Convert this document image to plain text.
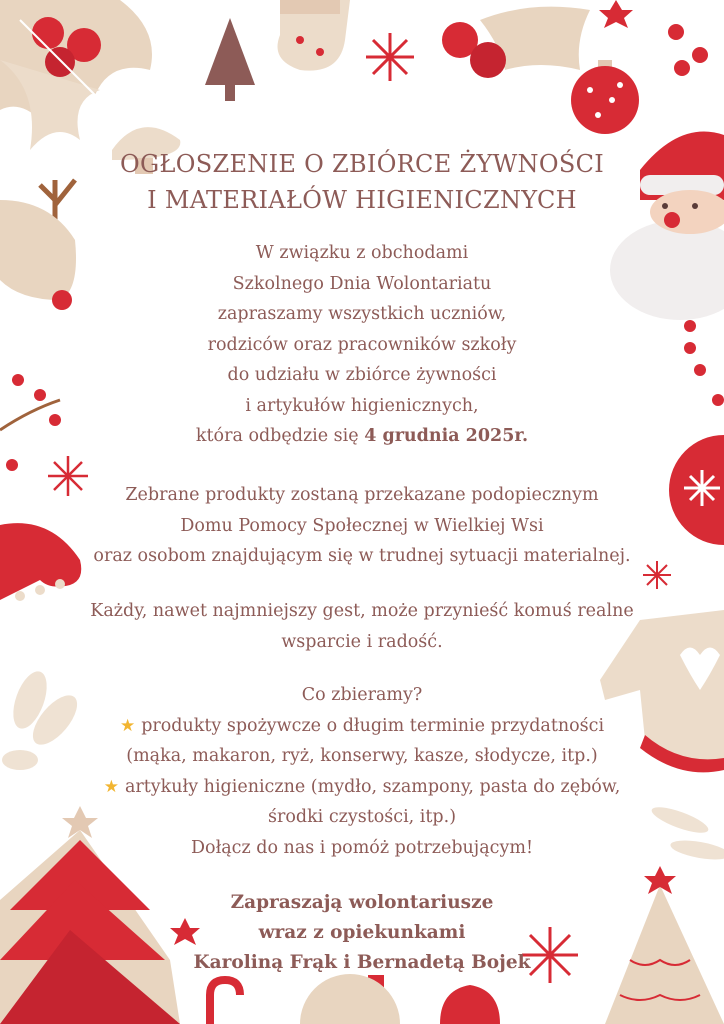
OGŁOSZENIE O ZBIÓRCE ŻYWNOŚCI
I MATERIAŁÓW HIGIENICZNYCH
W związku z obchodami
Szkolnego Dnia Wolontariatu
zapraszamy wszystkich uczniów,
rodziców oraz pracowników szkoły
do udziału w zbiórce żywności
i artykułów higienicznych,
która odbędzie się 4 grudnia 2025r.
Zebrane produkty zostaną przekazane podopiecznym
Domu Pomocy Społecznej w Wielkiej Wsi
oraz osobom znajdującym się w trudnej sytuacji materialnej.
Każdy, nawet najmniejszy gest, może przynieść komuś realne
wsparcie i radość.
Co zbieramy?
★ produkty spożywcze o długim terminie przydatności
(mąka, makaron, ryż, konserwy, kasze, słodycze, itp.)
★ artykuły higieniczne (mydło, szampony, pasta do zębów,
środki czystości, itp.)
Dołącz do nas i pomóż potrzebującym!
Zapraszają wolontariusze
wraz z opiekunkami
Karoliną Frąk i Bernadetą Bojek
